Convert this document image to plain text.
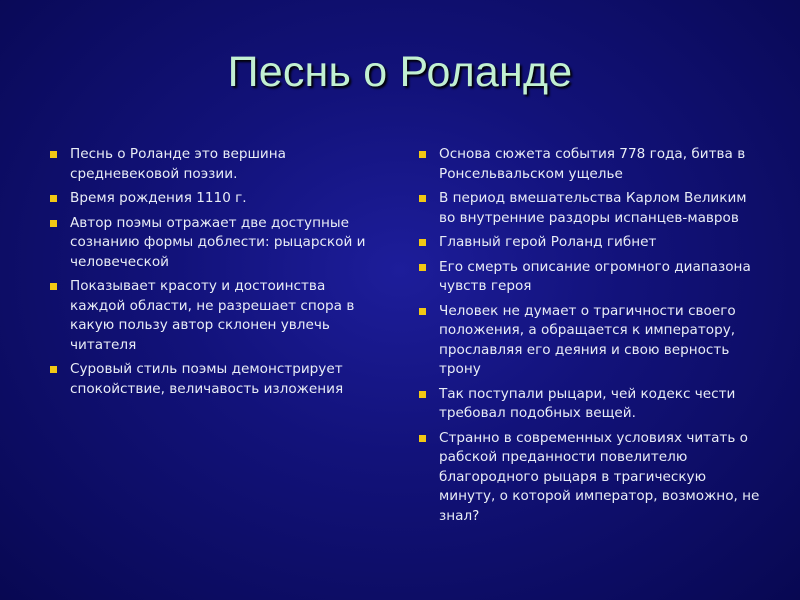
Песнь о Роланде
Песнь о Роланде это вершина средневековой поэзии.
Время рождения 1110 г.
Автор поэмы отражает две доступные сознанию формы доблести: рыцарской и человеческой
Показывает красоту и достоинства каждой области, не разрешает спора в какую пользу автор склонен увлечь читателя
Суровый стиль поэмы демонстрирует спокойствие, величавость изложения
Основа сюжета события 778 года, битва в Ронсельвальском ущелье
В период вмешательства Карлом Великим во внутренние раздоры испанцев-мавров
Главный герой Роланд гибнет
Его смерть описание огромного диапазона чувств героя
Человек не думает о трагичности своего положения, а обращается к императору, прославляя его деяния и свою верность трону
Так поступали рыцари, чей кодекс чести требовал подобных вещей.
Странно в современных условиях читать о рабской преданности повелителю благородного рыцаря в трагическую минуту, о которой император, возможно, не знал?
